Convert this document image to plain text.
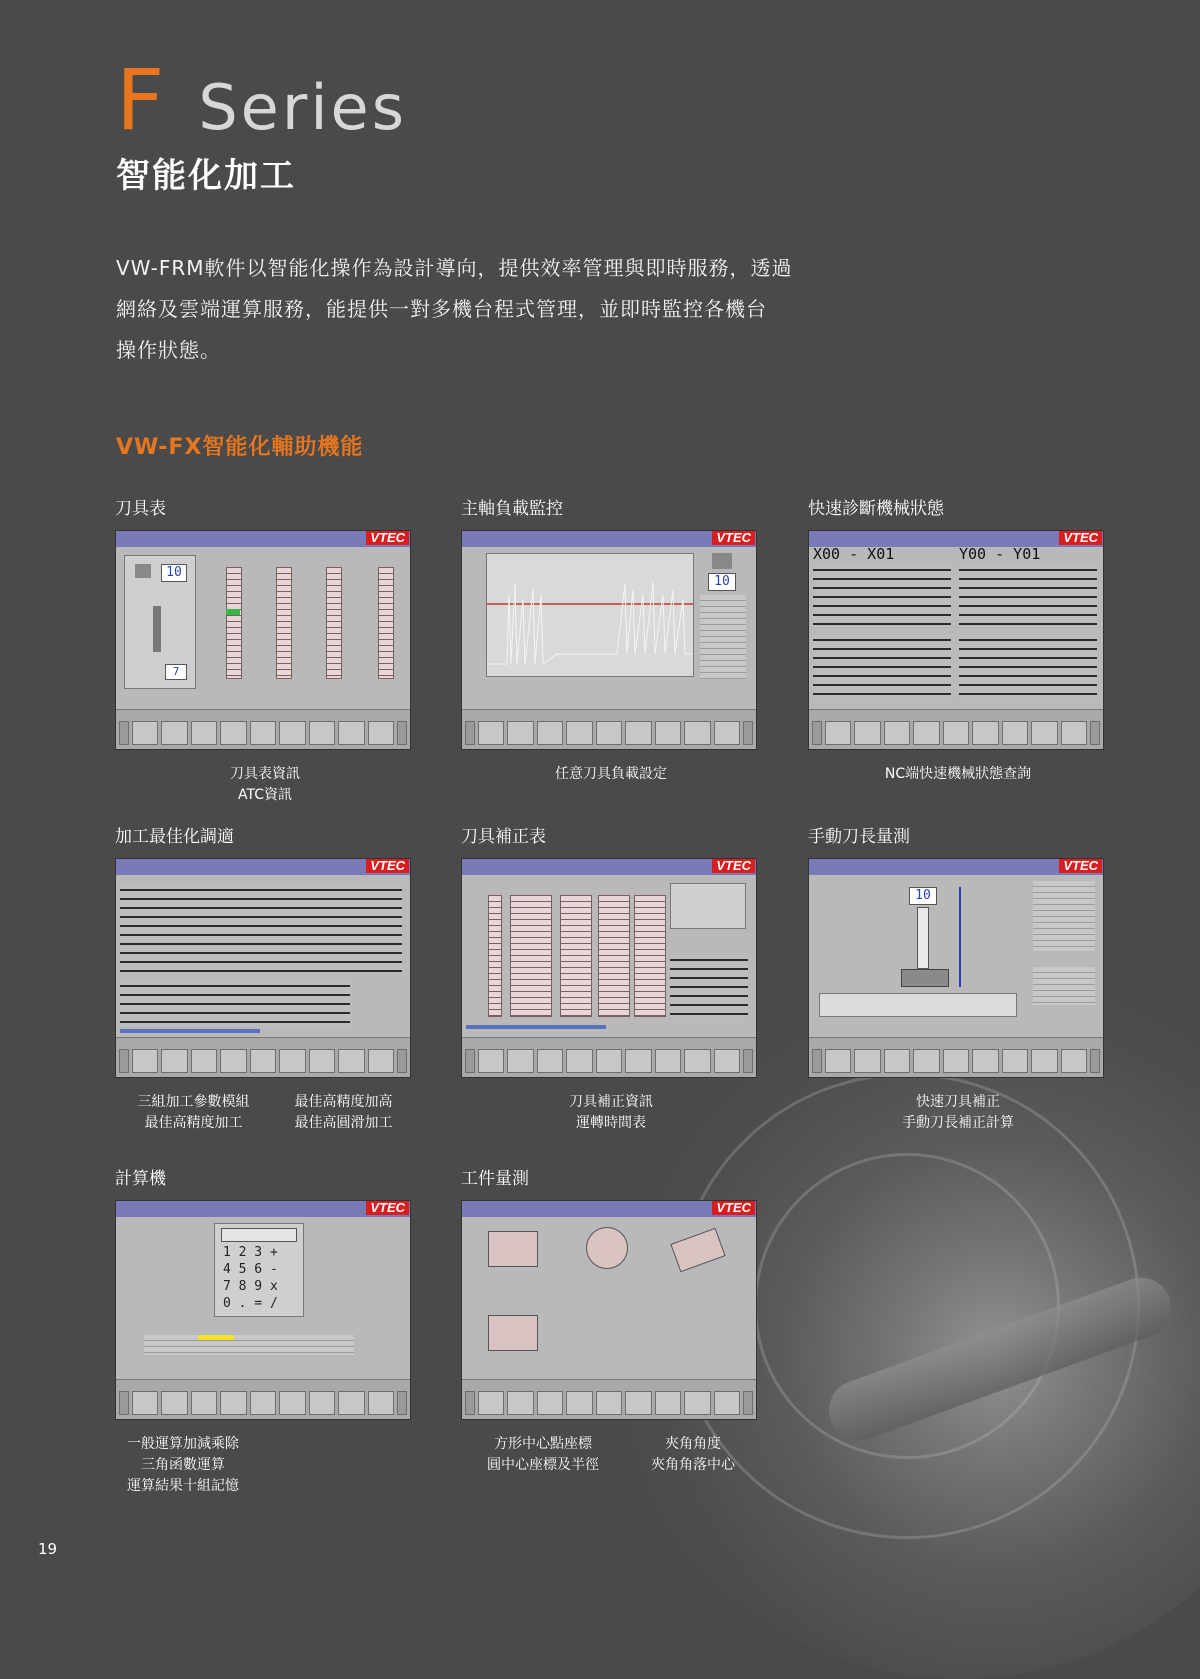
F Series
智能化加工
VW-FRM軟件以智能化操作為設計導向，提供效率管理與即時服務，透過
網絡及雲端運算服務，能提供一對多機台程式管理，並即時監控各機台
操作狀態。
VW-FX智能化輔助機能
刀具表
VTEC
10
7
刀具表資訊
ATC資訊
主軸負載監控
VTEC
10
任意刀具負載設定
快速診斷機械狀態
VTEC
X00 - X01	Y00 - Y01
NC端快速機械狀態查詢
加工最佳化調適
VTEC
三組加工參數模組
最佳高精度加工
最佳高精度加高
最佳高圓滑加工
刀具補正表
VTEC
刀具補正資訊
運轉時間表
手動刀長量測
VTEC
10
快速刀具補正
手動刀長補正計算
計算機
VTEC
1 2 3 +
4 5 6 -
7 8 9 x
0 . = /
一般運算加減乘除
三角函數運算
運算結果十組記憶
工件量測
VTEC
方形中心點座標
圓中心座標及半徑
夾角角度
夾角角落中心
19
